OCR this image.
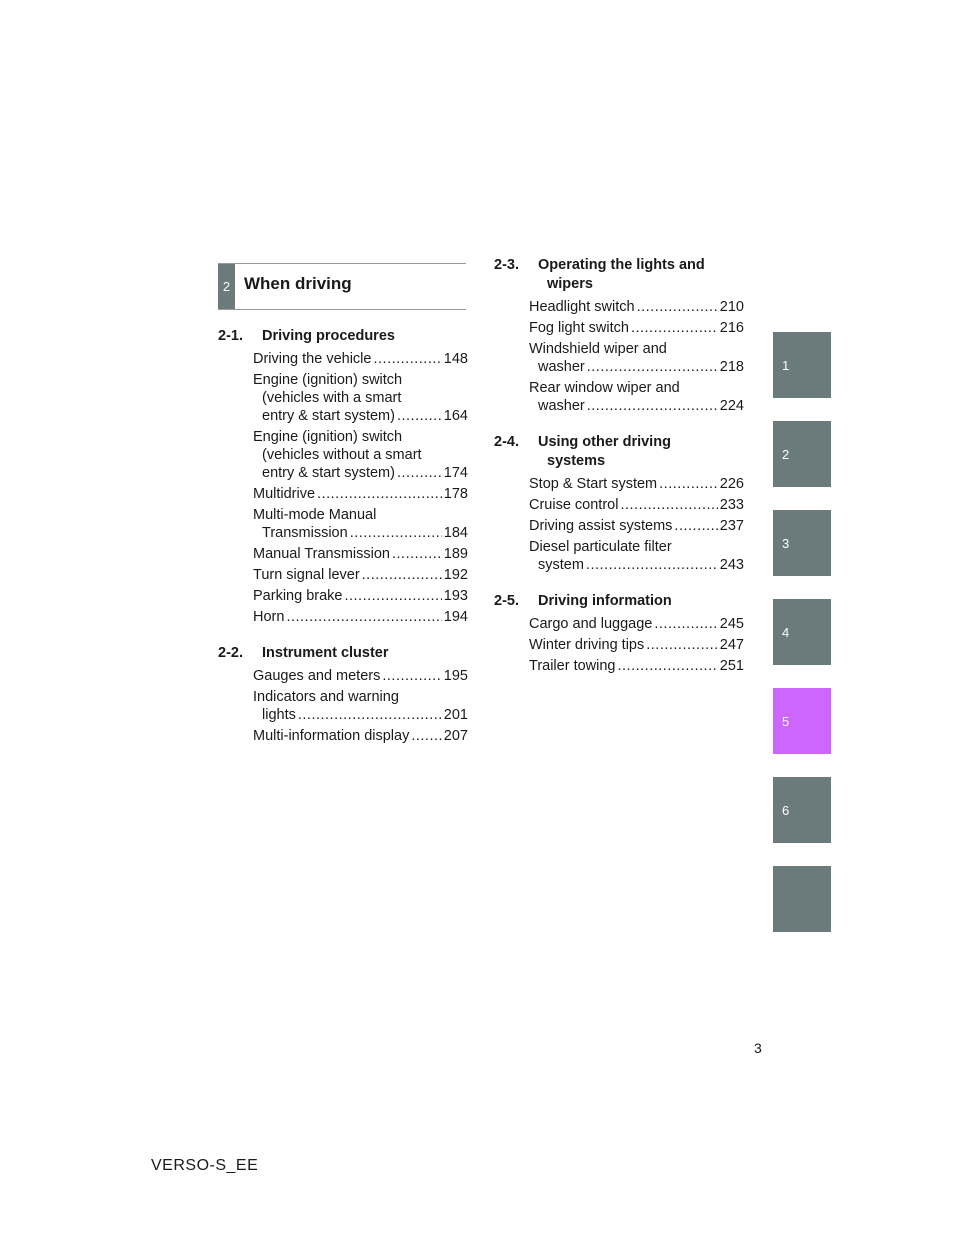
2 When driving
2-1.	Driving procedures
Driving the vehicle .....	148
Engine (ignition) switch
(vehicles with a smart
entry & start system) .....	164
Engine (ignition) switch
(vehicles without a smart
entry & start system) .....	174
Multidrive .....	178
Multi-mode Manual
Transmission .....	184
Manual Transmission .....	189
Turn signal lever .....	192
Parking brake .....	193
Horn .....	194
2-2.	Instrument cluster
Gauges and meters .....	195
Indicators and warning
lights .....	201
Multi-information display ..... 207
2-3.	Operating the lights and
wipers
Headlight switch .....	210
Fog light switch .....	216
Windshield wiper and
washer .....	218
Rear window wiper and
washer .....	224
2-4.	Using other driving
systems
Stop & Start system .....	226
Cruise control .....	233
Driving assist systems .....	237
Diesel particulate filter
system .....	243
2-5.	Driving information
Cargo and luggage .....	245
Winter driving tips .....	247
Trailer towing .....	251
1
2
3
4
5
6
3
VERSO-S_EE
